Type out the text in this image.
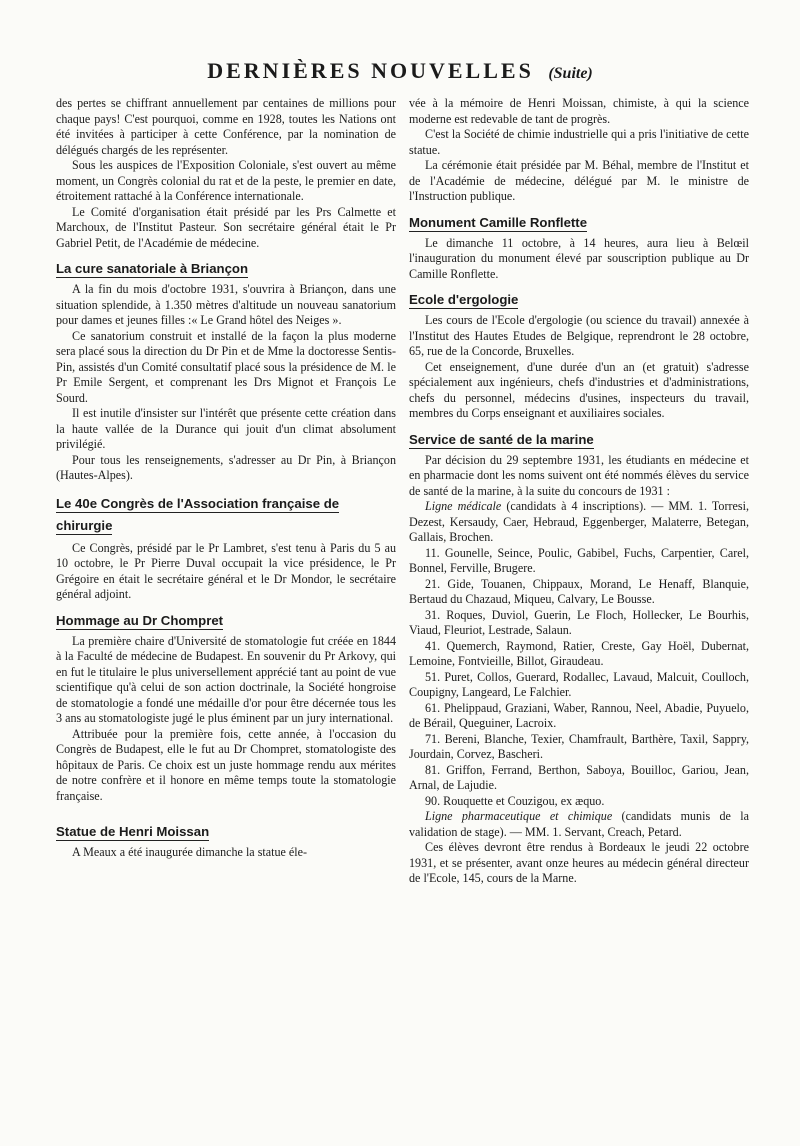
DERNIÈRES NOUVELLES (Suite)

des pertes se chiffrant annuellement par centaines de millions pour chaque pays! C'est pourquoi, comme en 1928, toutes les Nations ont été invitées à participer à cette Conférence, par la nomination de délégués chargés de les représenter.

Sous les auspices de l'Exposition Coloniale, s'est ouvert au même moment, un Congrès colonial du rat et de la peste, le premier en date, étroitement rattaché à la Conférence internationale.

Le Comité d'organisation était présidé par les Prs Calmette et Marchoux, de l'Institut Pasteur. Son secrétaire général était le Pr Gabriel Petit, de l'Académie de médecine.

La cure sanatoriale à Briançon

A la fin du mois d'octobre 1931, s'ouvrira à Briançon, dans une situation splendide, à 1.350 mètres d'altitude un nouveau sanatorium pour dames et jeunes filles :« Le Grand hôtel des Neiges ».

Ce sanatorium construit et installé de la façon la plus moderne sera placé sous la direction du Dr Pin et de Mme la doctoresse Sentis-Pin, assistés d'un Comité consultatif placé sous la présidence de M. le Pr Emile Sergent, et comprenant les Drs Mignot et François Le Sourd.

Il est inutile d'insister sur l'intérêt que présente cette création dans la haute vallée de la Durance qui jouit d'un climat absolument privilégié.

Pour tous les renseignements, s'adresser au Dr Pin, à Briançon (Hautes-Alpes).

Le 40e Congrès de l'Association française de chirurgie

Ce Congrès, présidé par le Pr Lambret, s'est tenu à Paris du 5 au 10 octobre, le Pr Pierre Duval occupait la vice présidence, le Pr Grégoire en était le secrétaire général et le Dr Mondor, le secrétaire général adjoint.

Hommage au Dr Chompret

La première chaire d'Université de stomatologie fut créée en 1844 à la Faculté de médecine de Budapest. En souvenir du Pr Arkovy, qui en fut le titulaire le plus universellement apprécié tant au point de vue scientifique qu'à celui de son action doctrinale, la Société hongroise de stomatologie a fondé une médaille d'or pour être décernée tous les 3 ans au stomatologiste jugé le plus éminent par un jury international.

Attribuée pour la première fois, cette année, à l'occasion du Congrès de Budapest, elle le fut au Dr Chompret, stomatologiste des hôpitaux de Paris. Ce choix est un juste hommage rendu aux mérites de notre confrère et il honore en même temps toute la stomatologie française.

Statue de Henri Moissan

A Meaux a été inaugurée dimanche la statue éle-

vée à la mémoire de Henri Moissan, chimiste, à qui la science moderne est redevable de tant de progrès.

C'est la Société de chimie industrielle qui a pris l'initiative de cette statue.

La cérémonie était présidée par M. Béhal, membre de l'Institut et de l'Académie de médecine, délégué par M. le ministre de l'Instruction publique.

Monument Camille Ronflette

Le dimanche 11 octobre, à 14 heures, aura lieu à Belœil l'inauguration du monument élevé par souscription publique au Dr Camille Ronflette.

Ecole d'ergologie

Les cours de l'Ecole d'ergologie (ou science du travail) annexée à l'Institut des Hautes Etudes de Belgique, reprendront le 28 octobre, 65, rue de la Concorde, Bruxelles.

Cet enseignement, d'une durée d'un an (et gratuit) s'adresse spécialement aux ingénieurs, chefs d'industries et d'administrations, chefs du personnel, médecins d'usines, inspecteurs du travail, membres du Corps enseignant et auxiliaires sociales.

Service de santé de la marine

Par décision du 29 septembre 1931, les étudiants en médecine et en pharmacie dont les noms suivent ont été nommés élèves du service de santé de la marine, à la suite du concours de 1931 :

Ligne médicale (candidats à 4 inscriptions). — MM. 1. Torresi, Dezest, Kersaudy, Caer, Hebraud, Eggenberger, Malaterre, Betegan, Gallais, Brochen.

11. Gounelle, Seince, Poulic, Gabibel, Fuchs, Carpentier, Carel, Bonnel, Ferville, Brugere.

21. Gide, Touanen, Chippaux, Morand, Le Henaff, Blanquie, Bertaud du Chazaud, Miqueu, Calvary, Le Bousse.

31. Roques, Duviol, Guerin, Le Floch, Hollecker, Le Bourhis, Viaud, Fleuriot, Lestrade, Salaun.

41. Quemerch, Raymond, Ratier, Creste, Gay Hoël, Dubernat, Lemoine, Fontvieille, Billot, Giraudeau.

51. Puret, Collos, Guerard, Rodallec, Lavaud, Malcuit, Coulloch, Coupigny, Langeard, Le Falchier.

61. Phelippaud, Graziani, Waber, Rannou, Neel, Abadie, Puyuelo, de Bérail, Queguiner, Lacroix.

71. Bereni, Blanche, Texier, Chamfrault, Barthère, Taxil, Sappry, Jourdain, Corvez, Bascheri.

81. Griffon, Ferrand, Berthon, Saboya, Bouilloc, Gariou, Jean, Arnal, de Lajudie.

90. Rouquette et Couzigou, ex æquo.

Ligne pharmaceutique et chimique (candidats munis de la validation de stage). — MM. 1. Servant, Creach, Petard.

Ces élèves devront être rendus à Bordeaux le jeudi 22 octobre 1931, et se présenter, avant onze heures au médecin général directeur de l'Ecole, 145, cours de la Marne.
